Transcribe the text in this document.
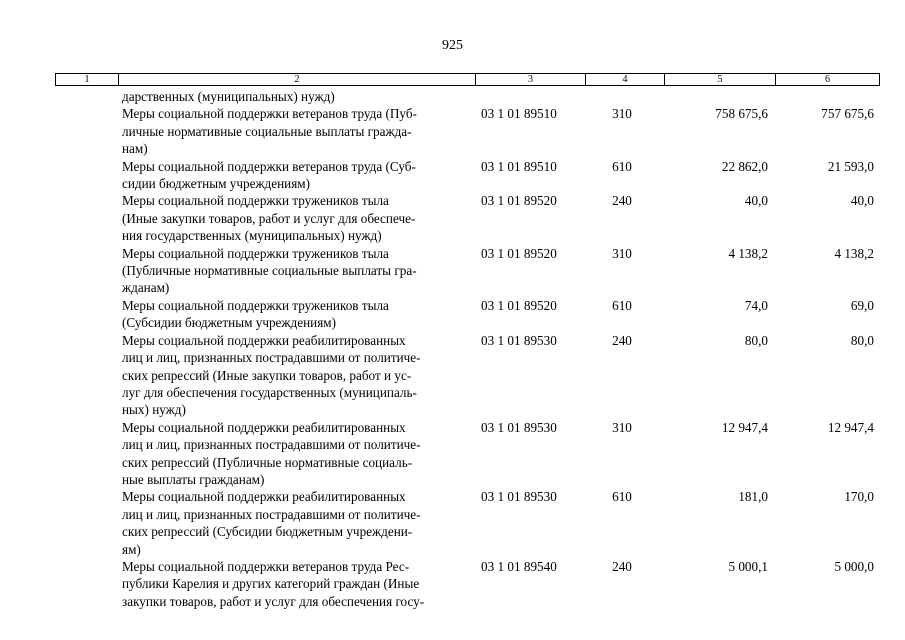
925
1	2	3	4	5	6
дарственных (муниципальных) нужд)
Меры социальной поддержки ветеранов труда (Пуб-
личные нормативные социальные выплаты граждa-
нам)
03 1 01 89510	310	758 675,6	757 675,6
Меры социальной поддержки ветеранов труда (Суб-
сидии бюджетным учреждениям)
03 1 01 89510	610	22 862,0	21 593,0
Меры социальной поддержки тружеников тыла
(Иные закупки товаров, работ и услуг для обеспече-
ния государственных (муниципальных) нужд)
03 1 01 89520	240	40,0	40,0
Меры социальной поддержки тружеников тыла
(Публичные нормативные социальные выплаты гра-
жданам)
03 1 01 89520	310	4 138,2	4 138,2
Меры социальной поддержки тружеников тыла
(Субсидии бюджетным учреждениям)
03 1 01 89520	610	74,0	69,0
Меры социальной поддержки реабилитированных
лиц и лиц, признанных пострадавшими от политиче-
ских репрессий (Иные закупки товаров, работ и ус-
луг для обеспечения государственных (муниципаль-
ных) нужд)
03 1 01 89530	240	80,0	80,0
Меры социальной поддержки реабилитированных
лиц и лиц, признанных пострадавшими от политиче-
ских репрессий (Публичные нормативные социаль-
ные выплаты гражданам)
03 1 01 89530	310	12 947,4	12 947,4
Меры социальной поддержки реабилитированных
лиц и лиц, признанных пострадавшими от политиче-
ских репрессий (Субсидии бюджетным учреждени-
ям)
03 1 01 89530	610	181,0	170,0
Меры социальной поддержки ветеранов труда Рес-
публики Карелия и других категорий граждан (Иные
закупки товаров, работ и услуг для обеспечения госу-
03 1 01 89540	240	5 000,1	5 000,0
